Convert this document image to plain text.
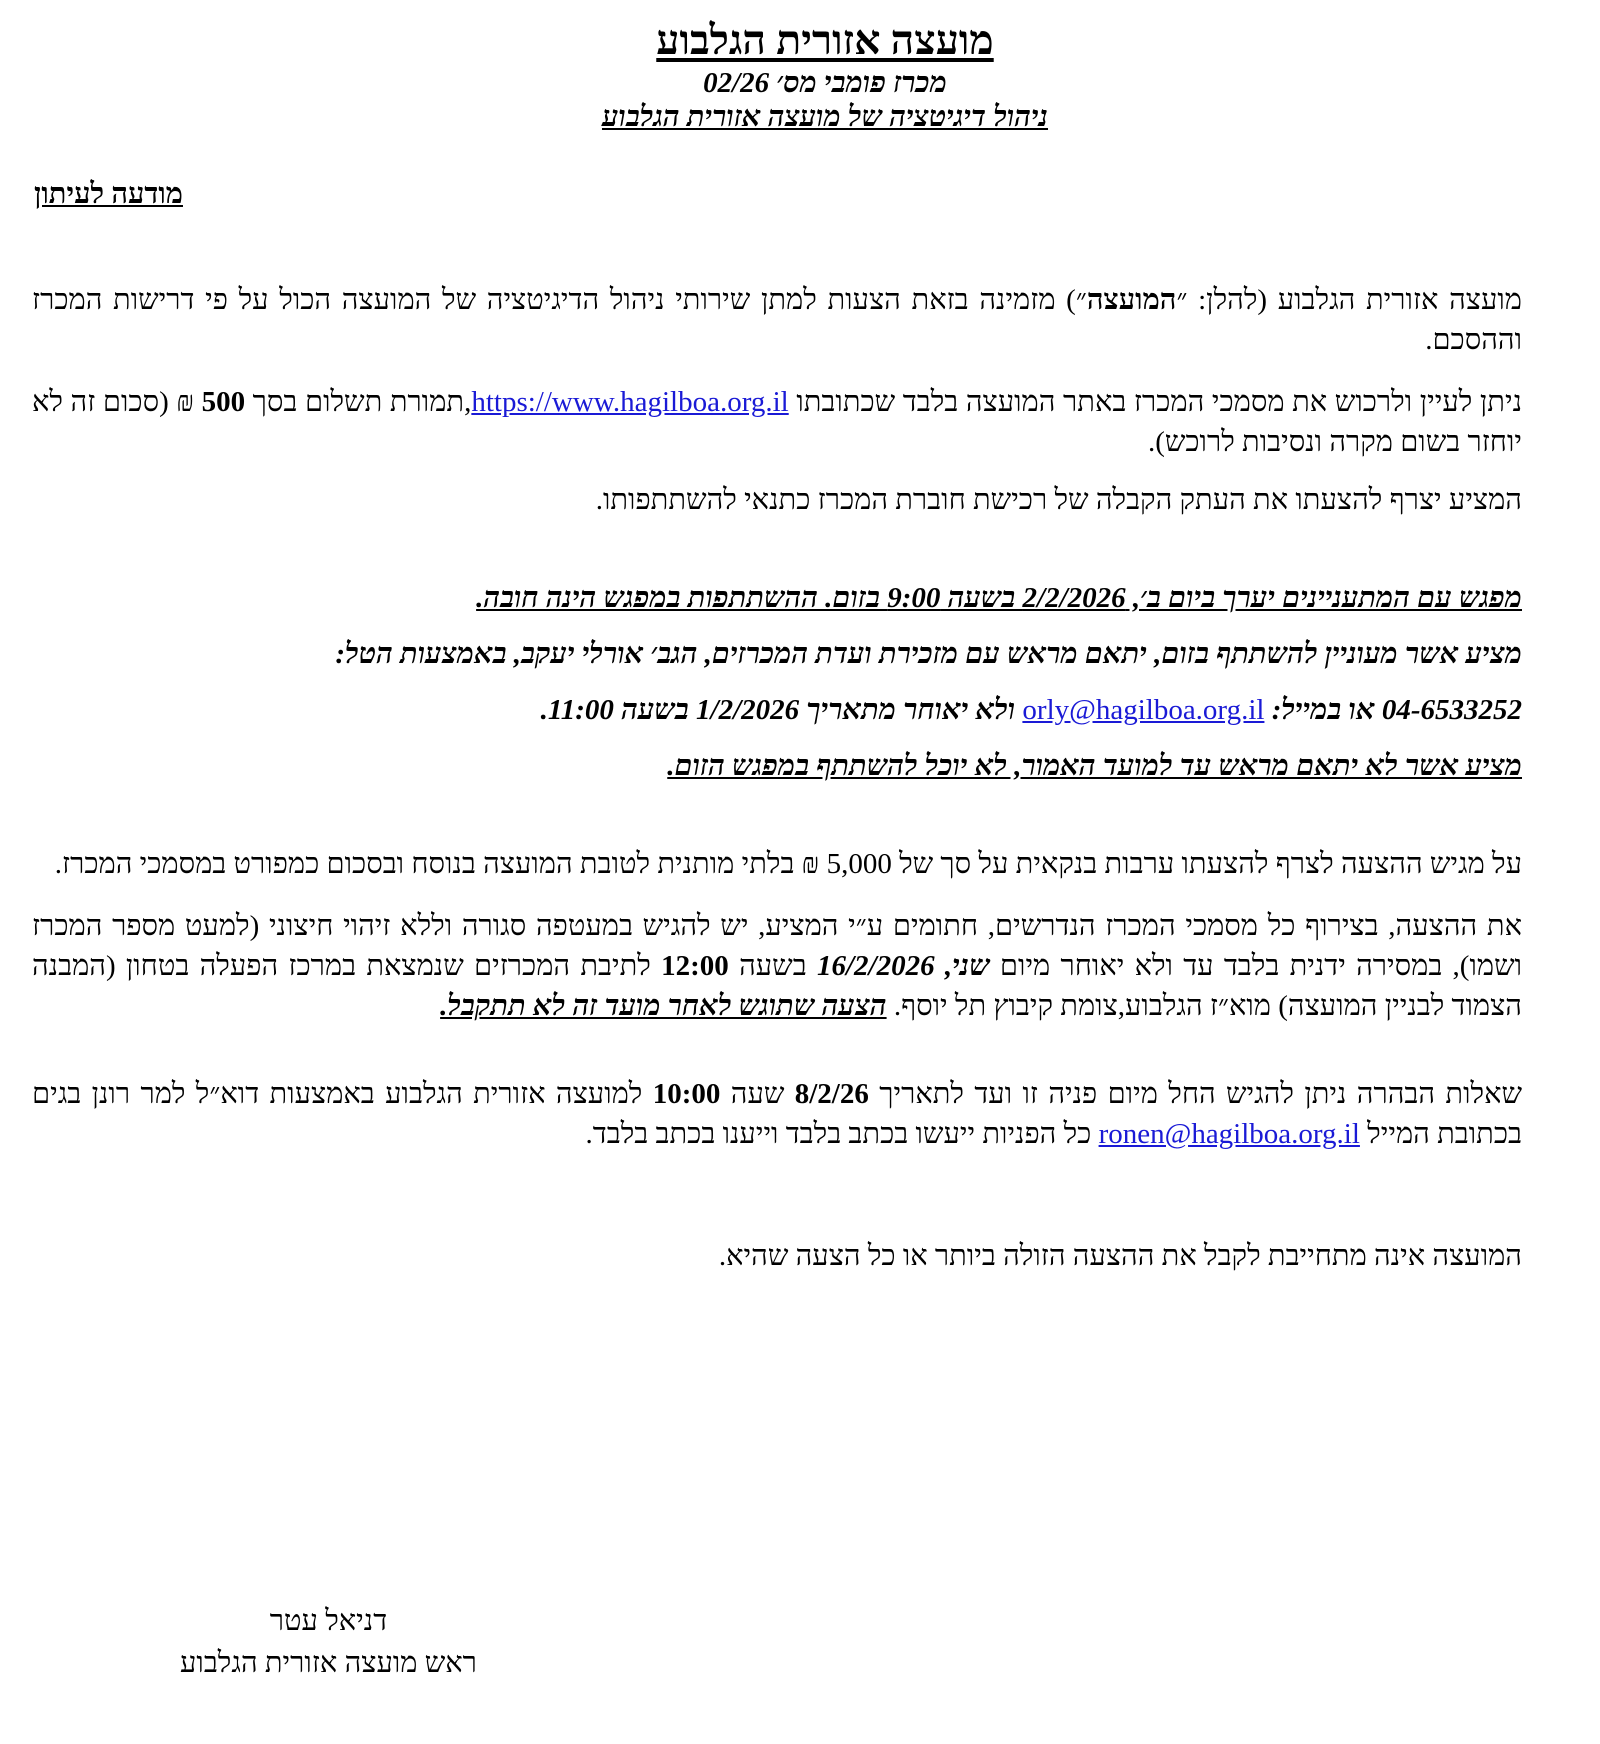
מועצה אזורית הגלבוע

מכרז פומבי מס׳ 02/26

ניהול דיגיטציה של מועצה אזורית הגלבוע

מודעה לעיתון

מועצה אזורית הגלבוע (להלן: ״המועצה״) מזמינה בזאת הצעות למתן שירותי ניהול הדיגיטציה של המועצה הכול על פי דרישות המכרז וההסכם.

ניתן לעיין ולרכוש את מסמכי המכרז באתר המועצה בלבד שכתובתו https://www.hagilboa.org.il,תמורת תשלום בסך 500 ₪ (סכום זה לא יוחזר בשום מקרה ונסיבות לרוכש).

המציע יצרף להצעתו את העתק הקבלה של רכישת חוברת המכרז כתנאי להשתתפותו.

מפגש עם המתעניינים יערך ביום ב׳, 2/2/2026 בשעה 9:00 בזום. ההשתתפות במפגש הינה חובה.

מציע אשר מעוניין להשתתף בזום, יתאם מראש עם מזכירת ועדת המכרזים, הגב׳ אורלי יעקב, באמצעות הטל:

04-6533252 או במייל: orly@hagilboa.org.il ולא יאוחר מתאריך 1/2/2026 בשעה 11:00.

מציע אשר לא יתאם מראש עד למועד האמור, לא יוכל להשתתף במפגש הזום.

על מגיש ההצעה לצרף להצעתו ערבות בנקאית על סך של 5,000 ₪ בלתי מותנית לטובת המועצה בנוסח ובסכום כמפורט במסמכי המכרז.

את ההצעה, בצירוף כל מסמכי המכרז הנדרשים, חתומים ע״י המציע, יש להגיש במעטפה סגורה וללא זיהוי חיצוני (למעט מספר המכרז ושמו), במסירה ידנית בלבד עד ולא יאוחר מיום שני, 16/2/2026 בשעה 12:00 לתיבת המכרזים שנמצאת במרכז הפעלה בטחון (המבנה הצמוד לבניין המועצה) מוא״ז הגלבוע,צומת קיבוץ תל יוסף. הצעה שתוגש לאחר מועד זה לא תתקבל.

שאלות הבהרה ניתן להגיש החל מיום פניה זו ועד לתאריך 8/2/26 שעה 10:00 למועצה אזורית הגלבוע באמצעות דוא״ל למר רונן בגים בכתובת המייל ronen@hagilboa.org.il כל הפניות ייעשו בכתב בלבד וייענו בכתב בלבד.

המועצה אינה מתחייבת לקבל את ההצעה הזולה ביותר או כל הצעה שהיא.

דניאל עטר
ראש מועצה אזורית הגלבוע
